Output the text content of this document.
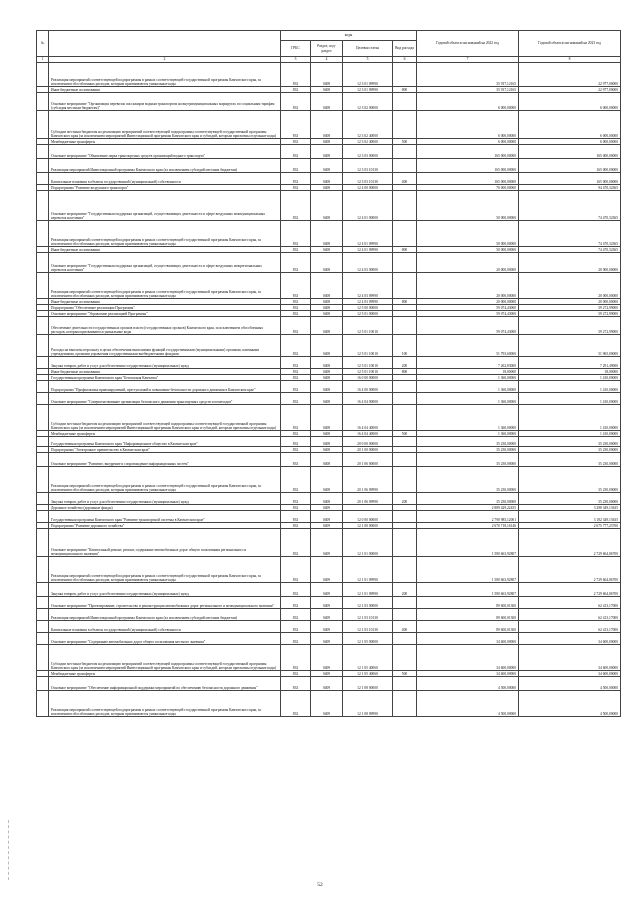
№		коды				Годовой объем ассигнований на 2022 год	Годовой объем ассигнований на 2023 год
		ГРБС	Раздел, под-раздел	Целевая статья	Вид расхода		
1	2	3	4	5	6	7	8
	Реализация мероприятий соответствующей подпрограммы в рамках соответствующей государственной программы Камчатского края, за исключением обособленных расходов, которым присваиваются уникальные коды	833	0408	12 3 01 09990		35 917,12165	22 977,00000
	Иные бюджетные ассигнования	833	0408	12 3 01 09990	800	35 917,12165	22 977,00000
	Основное мероприятие "Организация перевозок пассажиров водным транспортом на внутримуниципальных маршрутах по социальным тарифам (субсидия местным бюджетам)"	833	0408	12 3 02 00000		6 000,00000	6 000,00000
	Субсидии местным бюджетам на реализацию мероприятий соответствующей подпрограммы соответствующей государственной программы Камчатского края (за исключением мероприятий Инвестиционной программы Камчатского края и субсидий, которым присвоены отдельные коды)	833	0408	12 3 02 40000		6 000,00000	6 000,00000
	Межбюджетные трансферты	833	0408	12 3 02 40000	500	6 000,00000	6 000,00000
	Основное мероприятие "Обновление парка транспортных средств организаций водного транспорта"	833	0408	12 3 03 00000		165 000,00000	165 000,00000
	Реализация мероприятий Инвестиционной программы Камчатского края (за исключением субсидий местным бюджетам)	833	0408	12 3 03 10130		165 000,00000	165 000,00000
	Капитальные вложения в объекты государственной (муниципальной) собственности	833	0408	12 3 03 10130	400	165 000,00000	165 000,00000
	Подпрограмма "Развитие воздушного транспорта"	833	0408	12 4 00 00000		70 000,00000	94 470,32365
	Основное мероприятие "Государственная поддержка организаций, осуществляющих деятельность в сфере воздушных межмуниципальных перевозок населения"	833	0408	12 4 01 00000		50 000,00000	74 470,32365
	Реализация мероприятий соответствующей подпрограммы в рамках соответствующей государственной программы Камчатского края, за исключением обособленных расходов, которым присваиваются уникальные коды	833	0408	12 4 01 09990		50 000,00000	74 470,32365
	Иные бюджетные ассигнования	833	0408	12 4 01 09990	800	50 000,00000	74 470,32365
	Основное мероприятие "Государственная поддержка организаций, осуществляющих деятельность в сфере воздушных межрегиональных перевозок населения"	833	0408	12 4 03 00000		20 000,00000	20 000,00000
	Реализация мероприятий соответствующей подпрограммы в рамках соответствующей государственной программы Камчатского края, за исключением обособленных расходов, которым присваиваются уникальные коды	833	0408	12 4 03 09990		20 000,00000	20 000,00000
	Иные бюджетные ассигнования	833	0408	12 4 03 09990	800	20 000,00000	20 000,00000
	Подпрограмма "Обеспечение реализации Программы"	833	0408	12 5 00 00000		59 074,43000	59 272,99000
	Основное мероприятие "Управление реализацией Программы"	833	0408	12 5 01 00000		59 074,43000	59 272,99000
	Обеспечение деятельности государственных органов власти (государственных органов) Камчатского края, за исключением обособленных расходов, которым присваиваются уникальные коды	833	0408	12 5 01 10010		59 074,43000	59 272,99000
	Расходы на выплаты персоналу в целях обеспечения выполнения функций государственными (муниципальными) органами, казенными учреждениями, органами управления государственными внебюджетными фондами	833	0408	12 5 01 10010	100	51 793,60000	51 965,00000
	Закупка товаров, работ и услуг для обеспечения государственных (муниципальных) нужд	833	0408	12 5 01 10010	200	7 262,83000	7 291,49000
	Иные бюджетные ассигнования	833	0408	12 5 01 10010	800	18,00000	18,00000
	Государственная программа Камчатского края "Безопасная Камчатка"	833	0408	16 0 00 00000		1 360,00000	1 410,00000
	Подпрограмма "Профилактика правонарушений, преступлений и повышение безопасности дорожного движения в Камчатском крае"	833	0408	16 4 00 00000		1 360,00000	1 410,00000
	Основное мероприятие "Совершенствование организации безопасного движения транспортных средств и пешеходов"	833	0408	16 4 04 00000		1 360,00000	1 410,00000
	Субсидии местным бюджетам на реализацию мероприятий соответствующей подпрограммы соответствующей государственной программы Камчатского края (за исключением мероприятий Инвестиционной программы Камчатского края и субсидий, которым присвоены отдельные коды)	833	0408	16 4 04 40000		1 360,00000	1 410,00000
	Межбюджетные трансферты	833	0408	16 4 04 40000	500	1 360,00000	1 410,00000
	Государственная программа Камчатского края "Информационное общество в Камчатском крае"	833	0408	20 0 00 00000		35 230,00000	35 230,00000
	Подпрограмма "Электронное правительство в Камчатском крае"	833	0408	20 1 00 00000		35 230,00000	35 230,00000
	Основное мероприятие "Развитие, внедрение и сопровождение информационных систем"	833	0408	20 1 06 00000		35 230,00000	35 230,00000
	Реализация мероприятий соответствующей подпрограммы в рамках соответствующей государственной программы Камчатского края, за исключением обособленных расходов, которым присваиваются уникальные коды	833	0408	20 1 06 09990		35 230,00000	35 230,00000
	Закупка товаров, работ и услуг для обеспечения государственных (муниципальных) нужд	833	0408	20 1 06 09990	200	35 230,00000	35 230,00000
	Дорожное хозяйство (дорожные фонды)	833	0409			2 889 429,22455	3 298 349,13635
	Государственная программа Камчатского края "Развитие транспортной системы в Камчатском крае"	833	0409	12 0 00 00000		2 790 985,12001	3 182 349,13635
	Подпрограмма "Развитие дорожного хозяйства"	833	0409	12 1 00 00000		2 670 718,16146	2 675 777,23700
	Основное мероприятие "Капитальный ремонт, ремонт, содержание автомобильных дорог общего пользования регионального и межмуниципального значения"	833	0409	12 1 01 00000		1 580 663,92807	2 729 664,06700
	Реализация мероприятий соответствующей подпрограммы в рамках соответствующей государственной программы Камчатского края, за исключением обособленных расходов, которым присваиваются уникальные коды	833	0409	12 1 01 09990		1 580 663,92807	2 729 664,06700
	Закупка товаров, работ и услуг для обеспечения государственных (муниципальных) нужд	833	0409	12 1 01 09990	200	1 580 663,92807	2 729 664,06700
	Основное мероприятие "Проектирование, строительство и реконструкция автомобильных дорог регионального и межмуниципального значения"	833	0409	12 1 03 00000		89 600,01300	62 413,17000
	Реализация мероприятий Инвестиционной программы Камчатского края (за исключением субсидий местным бюджетам)	833	0409	12 1 03 10130		89 600,01300	62 413,17000
	Капитальные вложения в объекты государственной (муниципальной) собственности	833	0409	12 1 03 10130	400	89 600,01300	62 413,17000
	Основное мероприятие "Содержание автомобильных дорог общего пользования местного значения"	833	0409	12 1 05 00000		34 600,00000	34 600,00000
	Субсидии местным бюджетам на реализацию мероприятий соответствующей подпрограммы соответствующей государственной программы Камчатского края (за исключением мероприятий Инвестиционной программы Камчатского края и субсидий, которым присвоены отдельные коды)	833	0409	12 1 05 40060		34 600,00000	34 600,00000
	Межбюджетные трансферты	833	0409	12 1 05 40060	500	34 600,00000	34 600,00000
	Основное мероприятие "Обеспечение информационной поддержки мероприятий по обеспечению безопасности дорожного движения"	833	0409	12 1 08 00000		4 500,00000	4 500,00000
	Реализация мероприятий соответствующей подпрограммы в рамках соответствующей государственной программы Камчатского края, за исключением обособленных расходов, которым присваиваются уникальные коды	833	0409	12 1 08 09990		4 500,00000	4 500,00000
52
